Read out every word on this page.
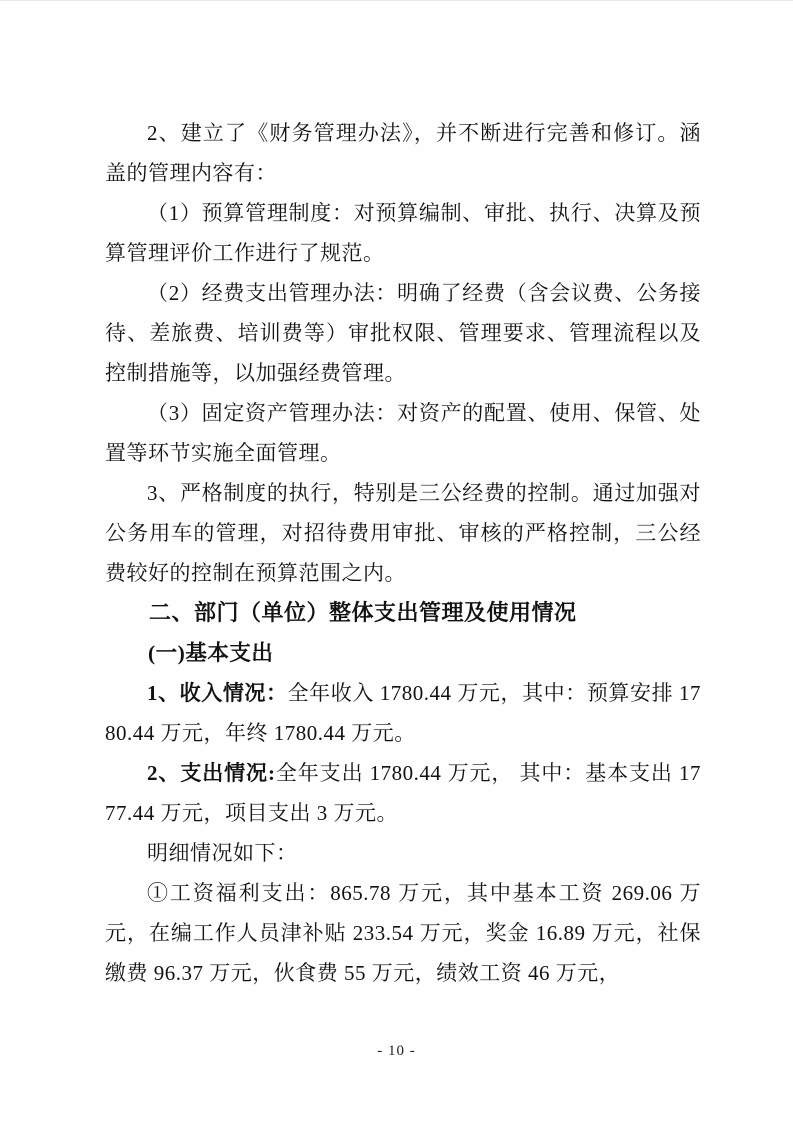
2、建立了《财务管理办法》，并不断进行完善和修订。涵盖的管理内容有：

（1）预算管理制度：对预算编制、审批、执行、决算及预算管理评价工作进行了规范。

（2）经费支出管理办法：明确了经费（含会议费、公务接待、差旅费、培训费等）审批权限、管理要求、管理流程以及控制措施等，以加强经费管理。

（3）固定资产管理办法：对资产的配置、使用、保管、处置等环节实施全面管理。

3、严格制度的执行，特别是三公经费的控制。通过加强对公务用车的管理，对招待费用审批、审核的严格控制，三公经费较好的控制在预算范围之内。

二、部门（单位）整体支出管理及使用情况

(一)基本支出

1、收入情况：全年收入 1780.44 万元，其中：预算安排 1780.44 万元，年终 1780.44 万元。

2、支出情况:全年支出 1780.44 万元， 其中：基本支出 1777.44 万元，项目支出 3 万元。

明细情况如下：

①工资福利支出：865.78 万元，其中基本工资 269.06 万元，在编工作人员津补贴 233.54 万元，奖金 16.89 万元，社保缴费 96.37 万元，伙食费 55 万元，绩效工资 46 万元，

- 10 -
